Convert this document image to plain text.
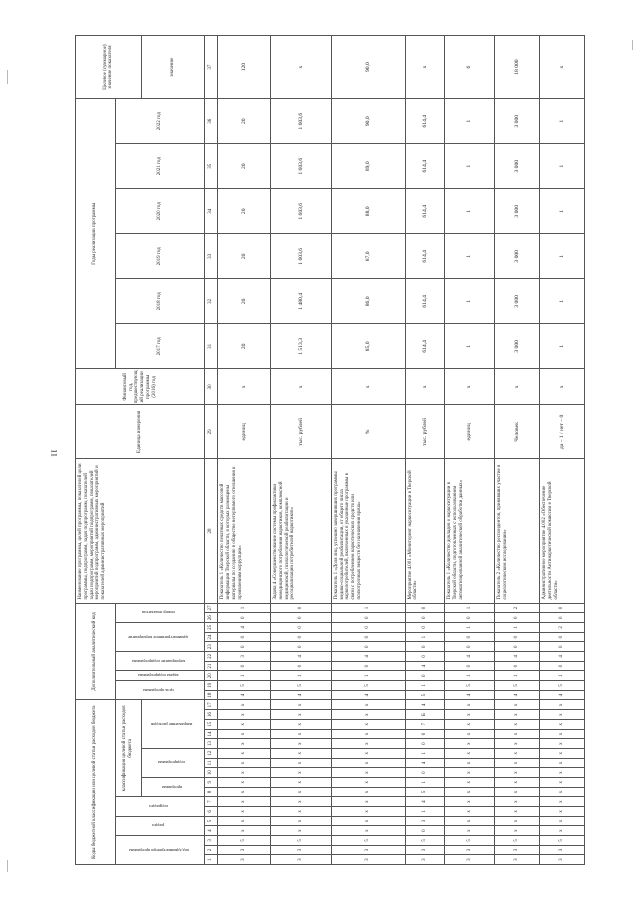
11
Коды бюджетной классификации или целевой статьи расходов бюджета																	Дополнительный аналитический код										Наименование программы, целей программы, показателей цели программы, подпрограмм, задач подпрограмм, показателей задач подпрограмм, мероприятий подпрограмм, показателей мероприятий подпрограмм, административных мероприятий и показателей административных мероприятий	Единица измерения	Финансовый год, предшествующий реализации программы (2016) год	Годы реализации программы						Целевое (суммарное) значение показателя
код администратора программы			раздел		подраздел		классификация целевой статьи расходов бюджета										цель программы		задача подпрограммы	мероприятие подпрограммы		административное мероприятие			номер показателя					2017 год	2018 год	2019 год	2020 год	2021 год	2022 год	
							программа		подпрограмма			направление расходов																								значение
1	2	3	4	5	6	7	8	9	10	11	12	13	14	15	16	17	18	19	20	21	22	23	24	25	26	27	28	29	30	31	32	33	34	35	36	37
3	3	5	x	x	x	x	x	x	x	x	x	x	x	x	x	x	4	5	1	0	3	0	0	4	0	1	Показатель 1 «Количество печатных средств массовой информации Тверской области, в которых размещены материалы по созданию в обществе нетерпимого отношения к проявлениям коррупции»	единиц	x	20	20	20	20	20	20	120
3	3	5	x	x	x	x	x	x	x	x	x	x	x	x	x	x	4	5	1	0	4	0	0	0	0	0	Задача 4 «Совершенствование системы профилактики немедицинского потребления наркотиков, комплексной медицинской, психологической реабилитации и ресоциализации потребителей наркотиков»	тыс. рублей	x	1 513,3	1 480,4	1 603,6	1 603,6	1 603,6	1 603,6	x
3	3	5	x	x	x	x	x	x	x	x	x	x	x	x	x	x	4	5	1	0	4	0	0	0	0	1	Показатель 1 «Доля лиц, успешно завершивших программы медико-социальной реабилитации, от общего числа наркопотребителей, включенных в указанные программы в связи с потреблением наркотических средств или психотропных веществ без назначения врача»	%	x	85,0	86,0	87,0	88,0	89,0	90,0	90,0
3	3	5	0	3	1	4	5	1	0	4	1	0	0	7	Б	4	5	1	0	4	0	0	1	0	0	0	Мероприятие 4.001 «Мониторинг наркоситуации в Тверской области»	тыс. рублей	x	614,4	614,4	614,4	614,4	614,4	614,4	x
3	3	5	x	x	x	x	x	x	x	x	x	x	x	x	x	x	4	5	1	0	4	0	0	1	0	1	Показатель 1 «Количество докладов о наркоситуации в Тверской области, подготовленных с использованием автоматизированной аналитической обработки данных»	единиц	x	1	1	1	1	1	1	6
3	3	5	x	x	x	x	x	x	x	x	x	x	x	x	x	x	4	5	1	0	4	0	0	1	0	2	Показатель 2 «Количество респондентов, принявших участие в социологическом исследовании»	Человек	x	3 000	3 000	3 000	3 000	3 000	3 000	18 000
3	3	5	x	x	x	x	x	x	x	x	x	x	x	x	x	x	4	5	1	0	4	0	0	2	0	0	Административное мероприятие 4.002 «Обеспечение деятельности Антинаркотической комиссии в Тверской области»	да – 1 / нет – 0	x	1	1	1	1	1	1	x
